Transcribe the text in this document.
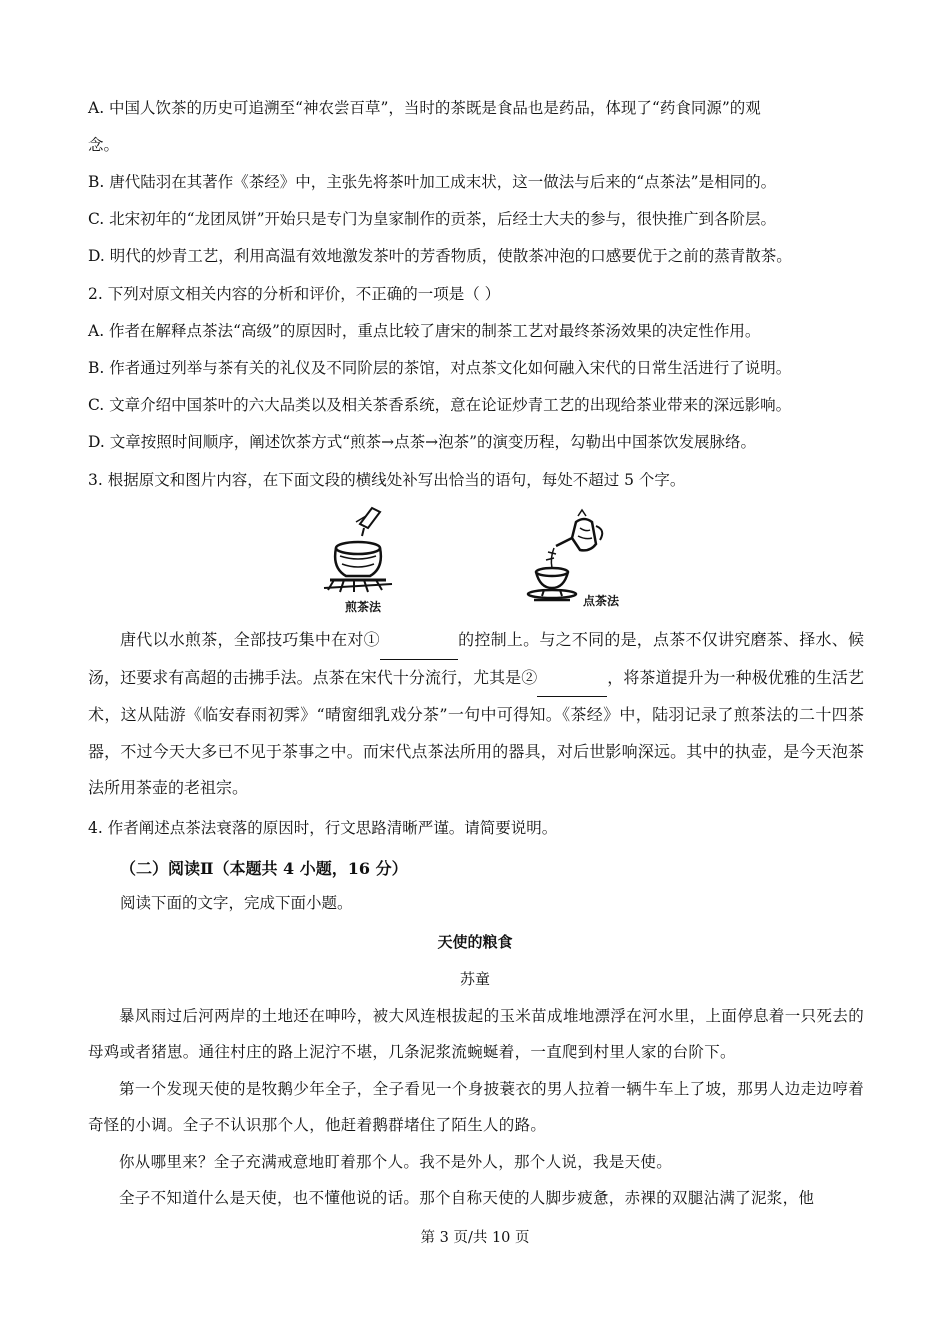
A. 中国人饮茶的历史可追溯至“神农尝百草”，当时的茶既是食品也是药品，体现了“药食同源”的观
念。
B. 唐代陆羽在其著作《茶经》中，主张先将茶叶加工成末状，这一做法与后来的“点茶法”是相同的。
C. 北宋初年的“龙团凤饼”开始只是专门为皇家制作的贡茶，后经士大夫的参与，很快推广到各阶层。
D. 明代的炒青工艺，利用高温有效地激发茶叶的芳香物质，使散茶冲泡的口感要优于之前的蒸青散茶。
2. 下列对原文相关内容的分析和评价，不正确的一项是（ ）
A. 作者在解释点茶法“高级”的原因时，重点比较了唐宋的制茶工艺对最终茶汤效果的决定性作用。
B. 作者通过列举与茶有关的礼仪及不同阶层的茶馆，对点茶文化如何融入宋代的日常生活进行了说明。
C. 文章介绍中国茶叶的六大品类以及相关茶香系统，意在论证炒青工艺的出现给茶业带来的深远影响。
D. 文章按照时间顺序，阐述饮茶方式“煎茶→点茶→泡茶”的演变历程，勾勒出中国茶饮发展脉络。
3. 根据原文和图片内容，在下面文段的横线处补写出恰当的语句，每处不超过 5 个字。
煎茶法	点茶法
唐代以水煎茶，全部技巧集中在对①	的控制上。与之不同的是，点茶不仅讲究磨茶、择水、候汤，还要求有高超的击拂手法。点茶在宋代十分流行，尤其是②	，将茶道提升为一种极优雅的生活艺术，这从陆游《临安春雨初霁》“晴窗细乳戏分茶”一句中可得知。《茶经》中，陆羽记录了煎茶法的二十四茶器，不过今天大多已不见于茶事之中。而宋代点茶法所用的器具，对后世影响深远。其中的执壶，是今天泡茶法所用茶壶的老祖宗。
4. 作者阐述点茶法衰落的原因时，行文思路清晰严谨。请简要说明。
（二）阅读Ⅱ（本题共 4 小题，16 分）
阅读下面的文字，完成下面小题。
天使的粮食
苏童
暴风雨过后河两岸的土地还在呻吟，被大风连根拔起的玉米苗成堆地漂浮在河水里，上面停息着一只死去的母鸡或者猪崽。通往村庄的路上泥泞不堪，几条泥浆流蜿蜒着，一直爬到村里人家的台阶下。
第一个发现天使的是牧鹅少年全子，全子看见一个身披蓑衣的男人拉着一辆牛车上了坡，那男人边走边哼着奇怪的小调。全子不认识那个人，他赶着鹅群堵住了陌生人的路。
你从哪里来？全子充满戒意地盯着那个人。我不是外人，那个人说，我是天使。
全子不知道什么是天使，也不懂他说的话。那个自称天使的人脚步疲惫，赤裸的双腿沾满了泥浆，他
第 3 页/共 10 页
